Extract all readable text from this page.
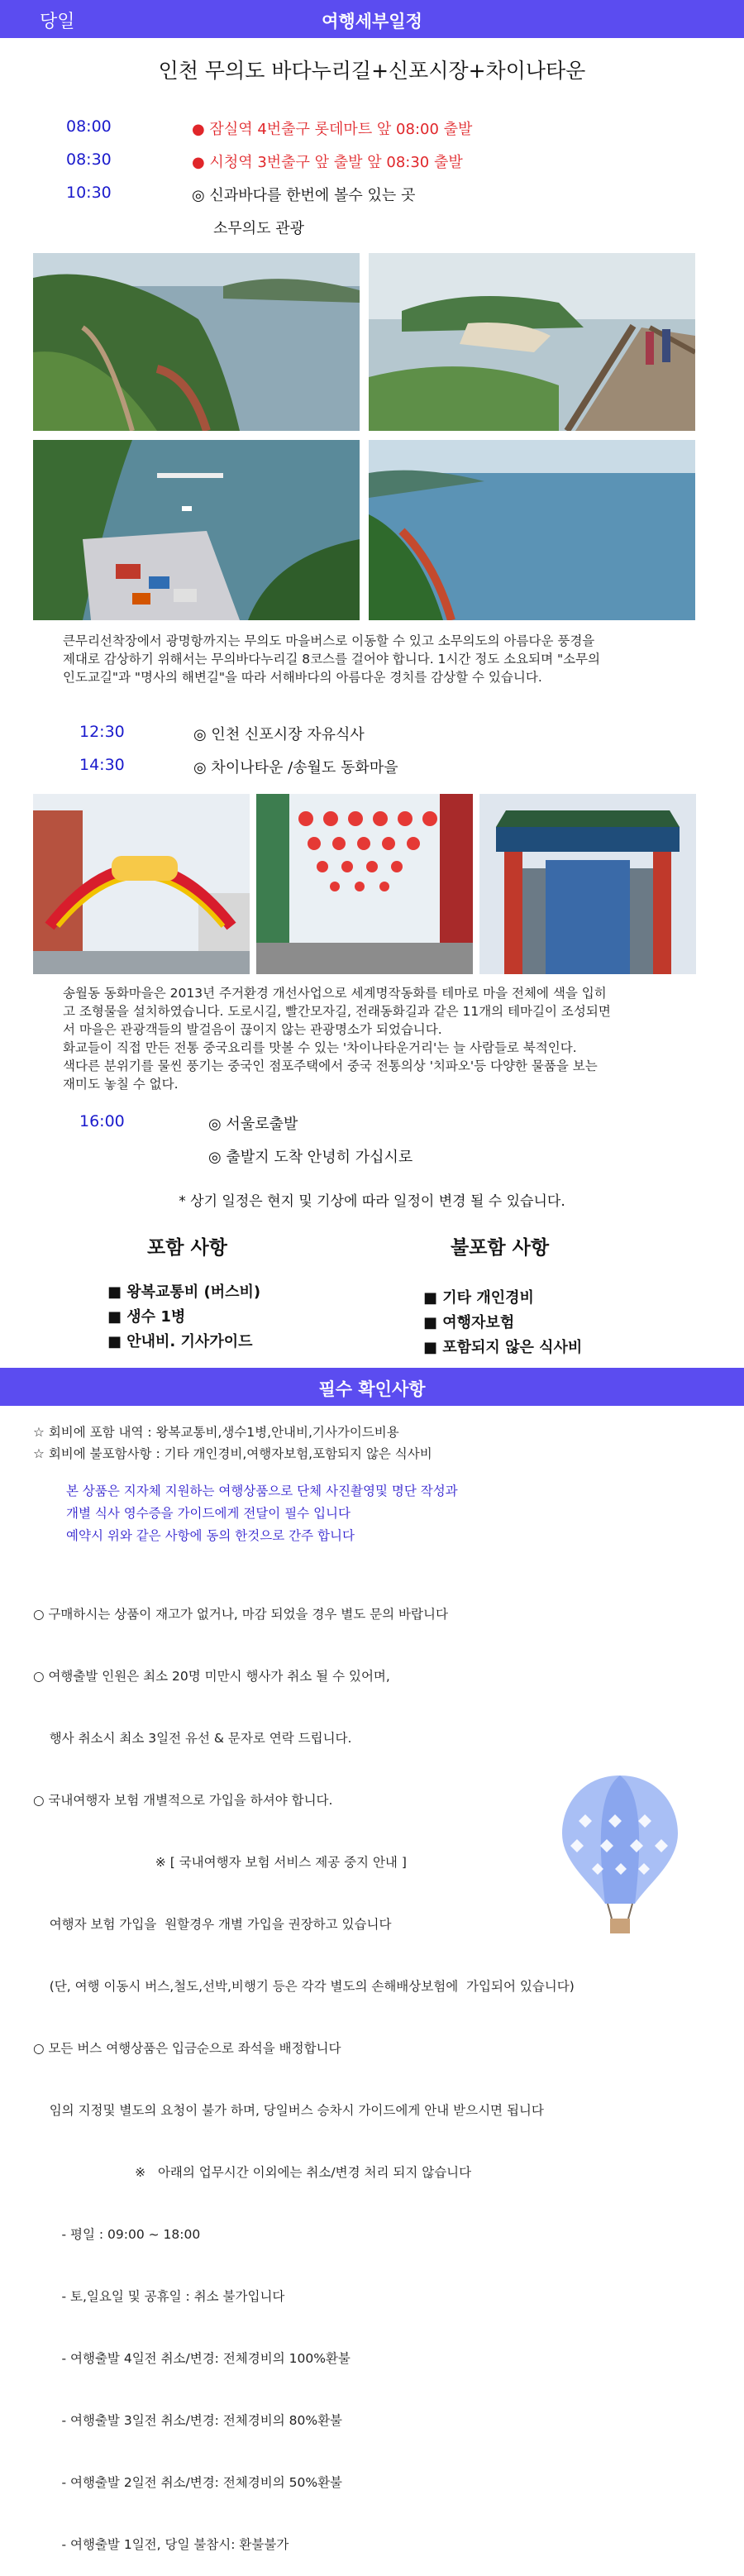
당일	여행세부일정
인천 무의도 바다누리길+신포시장+차이나타운
08:00	● 잠실역 4번출구 롯데마트 앞 08:00 출발
08:30	● 시청역 3번출구 앞 출발 앞 08:30 출발
10:30	◎ 신과바다를 한번에 볼수 있는 곳
소무의도 관광
큰무리선착장에서 광명항까지는 무의도 마을버스로 이동할 수 있고 소무의도의 아름다운 풍경을
제대로 감상하기 위해서는 무의바다누리길 8코스를 걸어야 합니다. 1시간 정도 소요되며 "소무의
인도교길"과 "명사의 해변길"을 따라 서해바다의 아름다운 경치를 감상할 수 있습니다.
12:30	◎ 인천 신포시장 자유식사
14:30	◎ 차이나타운 /송월도 동화마을
송월동 동화마을은 2013년 주거환경 개선사업으로 세계명작동화를 테마로 마을 전체에 색을 입히
고 조형물을 설치하였습니다. 도로시길, 빨간모자길, 전래동화길과 같은 11개의 테마길이 조성되면
서 마을은 관광객들의 발걸음이 끊이지 않는 관광명소가 되었습니다.
화교들이 직접 만든 전통 중국요리를 맛볼 수 있는 '차이나타운거리'는 늘 사람들로 북적인다.
색다른 분위기를 물씬 풍기는 중국인 점포주택에서 중국 전통의상 '치파오'등 다양한 물품을 보는
재미도 놓칠 수 없다.
16:00	◎ 서울로출발
◎ 출발지 도착 안녕히 가십시로
* 상기 일정은 현지 및 기상에 따라 일정이 변경 될 수 있습니다.
포함 사항	불포함 사항
■ 왕복교통비 (버스비)
■ 생수 1병
■ 안내비. 기사가이드
■ 기타 개인경비
■ 여행자보험
■ 포함되지 않은 식사비
필수 확인사항
☆ 회비에 포함 내역 : 왕복교통비,생수1병,안내비,기사가이드비용
☆ 회비에 불포함사항 : 기타 개인경비,여행자보험,포함되지 않은 식사비
본 상품은 지자체 지원하는 여행상품으로 단체 사진촬영및 명단 작성과
개별 식사 영수증을 가이드에게 전달이 필수 입니다
예약시 위와 같은 사항에 동의 한것으로 간주 합니다

○ 구매하시는 상품이 재고가 없거나, 마감 되었을 경우 별도 문의 바랍니다

○ 여행출발 인원은 최소 20명 미만시 행사가 취소 될 수 있어며,

행사 취소시 최소 3일전 유선 & 문자로 연락 드립니다.

○ 국내여행자 보험 개별적으로 가입을 하셔야 합니다.

※ [ 국내여행자 보험 서비스 제공 중지 안내 ]

여행자 보험 가입을  원할경우 개별 가입을 권장하고 있습니다

(단, 여행 이동시 버스,철도,선박,비행기 등은 각각 별도의 손해배상보험에  가입되어 있습니다)

○ 모든 버스 여행상품은 입금순으로 좌석을 배정합니다

임의 지정및 별도의 요청이 불가 하며, 당일버스 승차시 가이드에게 안내 받으시면 됩니다

※   아래의 업무시간 이외에는 취소/변경 처리 되지 않습니다

- 평일 : 09:00 ~ 18:00

- 토,일요일 및 공휴일 : 취소 불가입니다

- 여행출발 4일전 취소/변경: 전체경비의 100%환불

- 여행출발 3일전 취소/변경: 전체경비의 80%환불

- 여행출발 2일전 취소/변경: 전체경비의 50%환불

- 여행출발 1일전, 당일 불참시: 환불불가
